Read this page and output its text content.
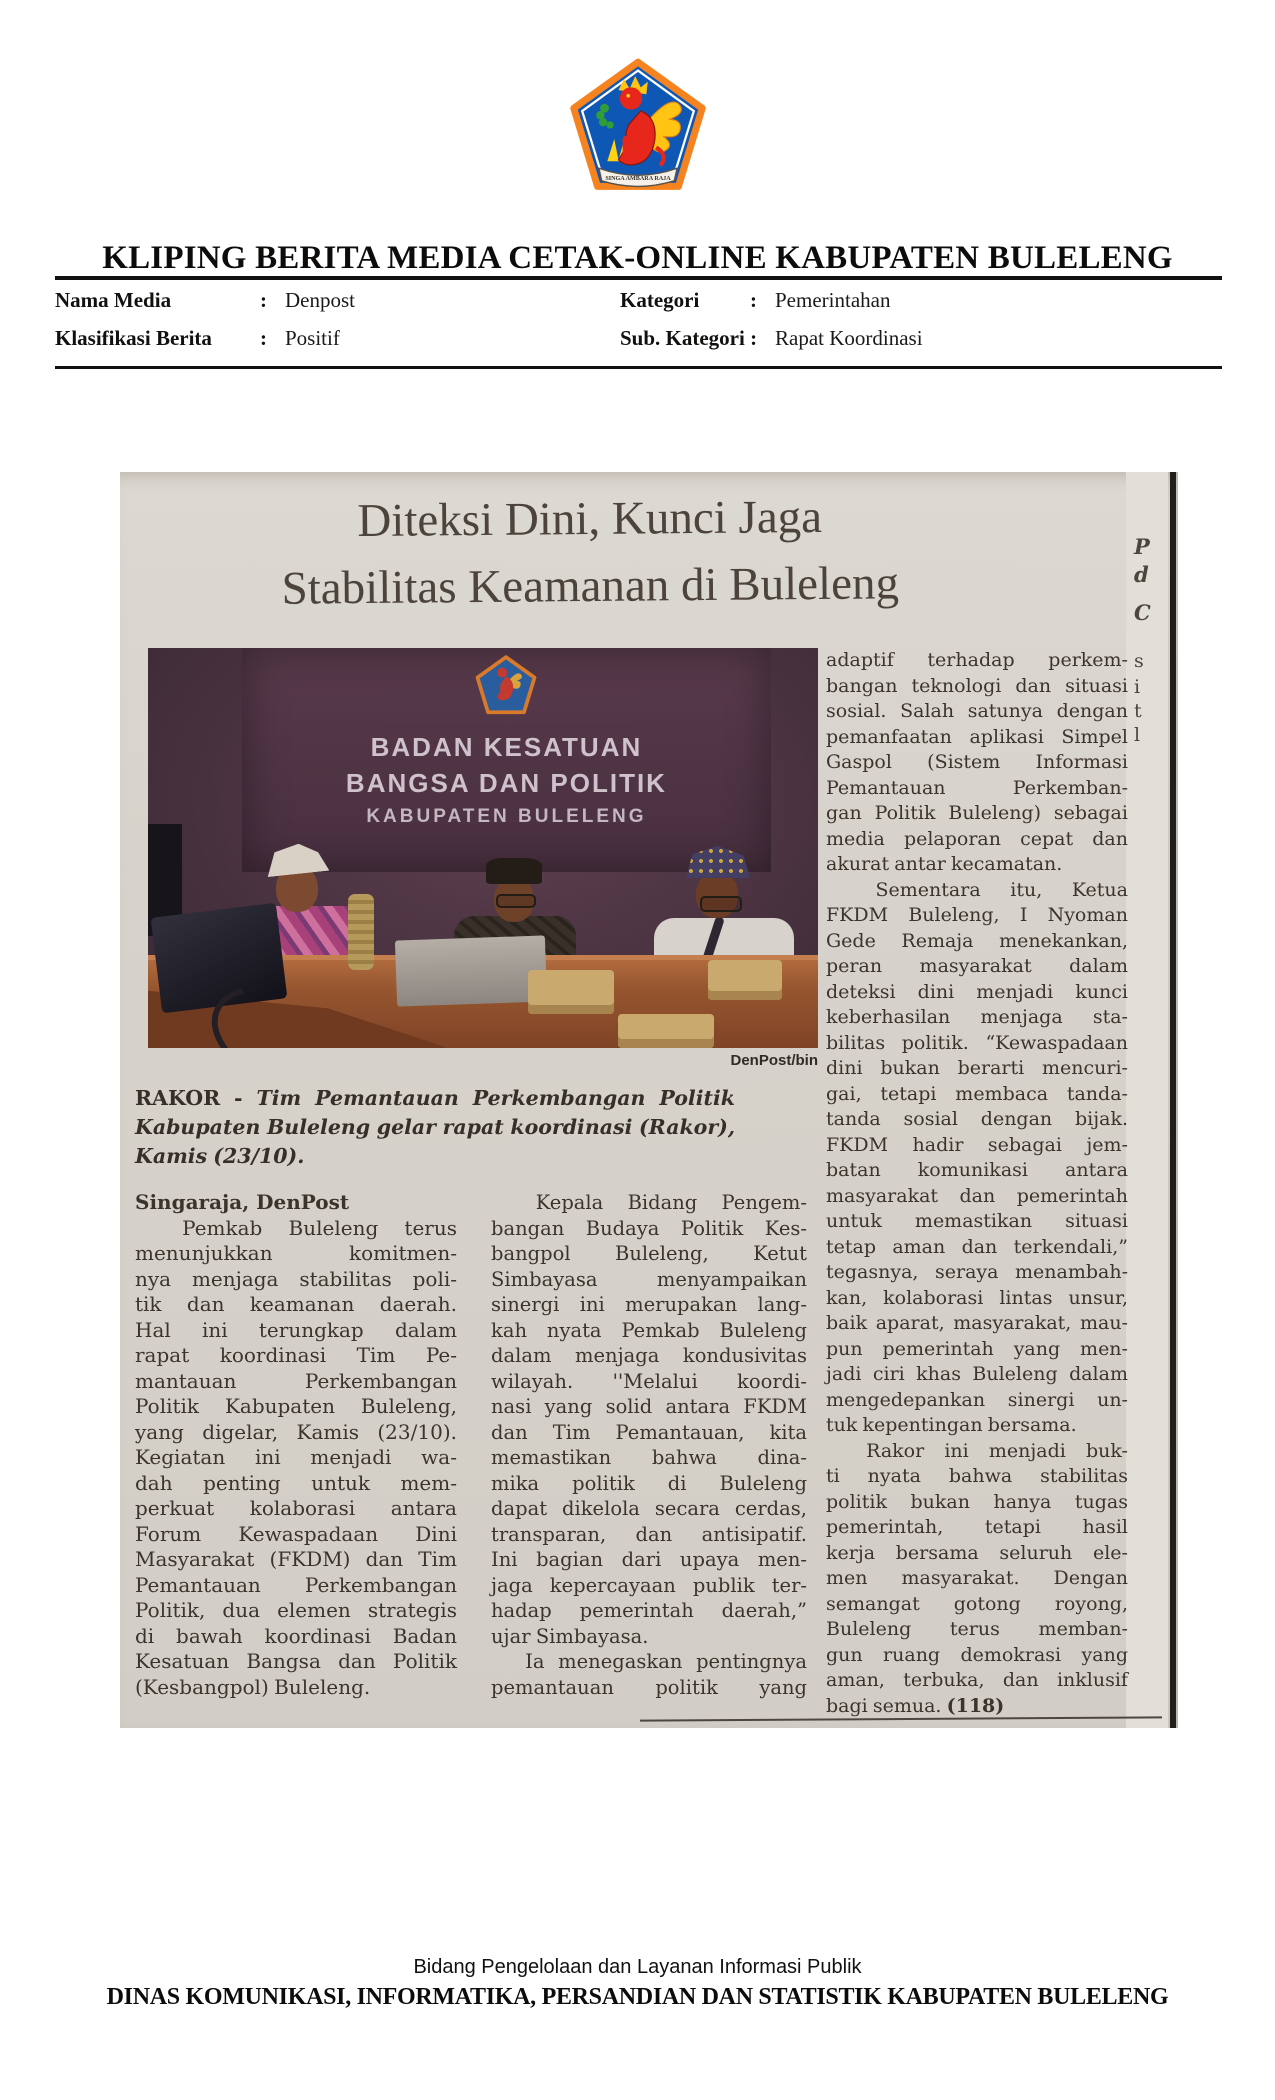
SINGA AMBARA RAJA
KLIPING BERITA MEDIA CETAK-ONLINE KABUPATEN BULELENG
Nama Media	: Denpost	Kategori : Pemerintahan
Klasifikasi Berita : Positif	Sub. Kategori : Rapat Koordinasi
P
d
C
s
i
t
l
Diteksi Dini, Kunci Jaga
Stabilitas Keamanan di Buleleng
BADAN KESATUAN
BANGSA DAN POLITIK
KABUPATEN BULELENG
DenPost/bin
RAKOR - Tim Pemantauan Perkembangan Politik
Kabupaten Buleleng gelar rapat koordinasi (Rakor),
Kamis (23/10).
Singaraja, DenPost
Pemkab Buleleng terus
menunjukkan	komitmen-
nya menjaga stabilitas poli-
tik dan keamanan daerah.
Hal ini terungkap dalam
rapat koordinasi Tim Pe-
mantauan	Perkembangan
Politik Kabupaten Buleleng,
yang digelar, Kamis (23/10).
Kegiatan ini menjadi wa-
dah penting untuk mem-
perkuat kolaborasi antara
Forum Kewaspadaan Dini
Masyarakat (FKDM) dan Tim
Pemantauan Perkembangan
Politik, dua elemen strategis
di bawah koordinasi Badan
Kesatuan Bangsa dan Politik
(Kesbangpol) Buleleng.
Kepala Bidang Pengem-
bangan Budaya Politik Kes-
bangpol Buleleng, Ketut
Simbayasa	menyampaikan
sinergi ini merupakan lang-
kah nyata Pemkab Buleleng
dalam menjaga kondusivitas
wilayah. ''Melalui koordi-
nasi yang solid antara FKDM
dan Tim Pemantauan, kita
memastikan bahwa dina-
mika politik di Buleleng
dapat dikelola secara cerdas,
transparan, dan antisipatif.
Ini bagian dari upaya men-
jaga kepercayaan publik ter-
hadap pemerintah daerah,”
ujar Simbayasa.
Ia menegaskan pentingnya
pemantauan politik yang
adaptif terhadap perkem-
bangan teknologi dan situasi
sosial. Salah satunya dengan
pemanfaatan aplikasi Simpel
Gaspol (Sistem Informasi
Pemantauan	Perkemban-
gan Politik Buleleng) sebagai
media pelaporan cepat dan
akurat antar kecamatan.
Sementara itu, Ketua
FKDM Buleleng, I Nyoman
Gede Remaja menekankan,
peran masyarakat dalam
deteksi dini menjadi kunci
keberhasilan menjaga sta-
bilitas politik. “Kewaspadaan
dini bukan berarti mencuri-
gai, tetapi membaca tanda-
tanda sosial dengan bijak.
FKDM hadir sebagai jem-
batan komunikasi antara
masyarakat dan pemerintah
untuk memastikan situasi
tetap aman dan terkendali,”
tegasnya, seraya menambah-
kan, kolaborasi lintas unsur,
baik aparat, masyarakat, mau-
pun pemerintah yang men-
jadi ciri khas Buleleng dalam
mengedepankan sinergi un-
tuk kepentingan bersama.
Rakor ini menjadi buk-
ti nyata bahwa stabilitas
politik bukan hanya tugas
pemerintah, tetapi hasil
kerja bersama seluruh ele-
men masyarakat. Dengan
semangat gotong royong,
Buleleng terus memban-
gun ruang demokrasi yang
aman, terbuka, dan inklusif
bagi semua. (118)
Bidang Pengelolaan dan Layanan Informasi Publik
DINAS KOMUNIKASI, INFORMATIKA, PERSANDIAN DAN STATISTIK KABUPATEN BULELENG
